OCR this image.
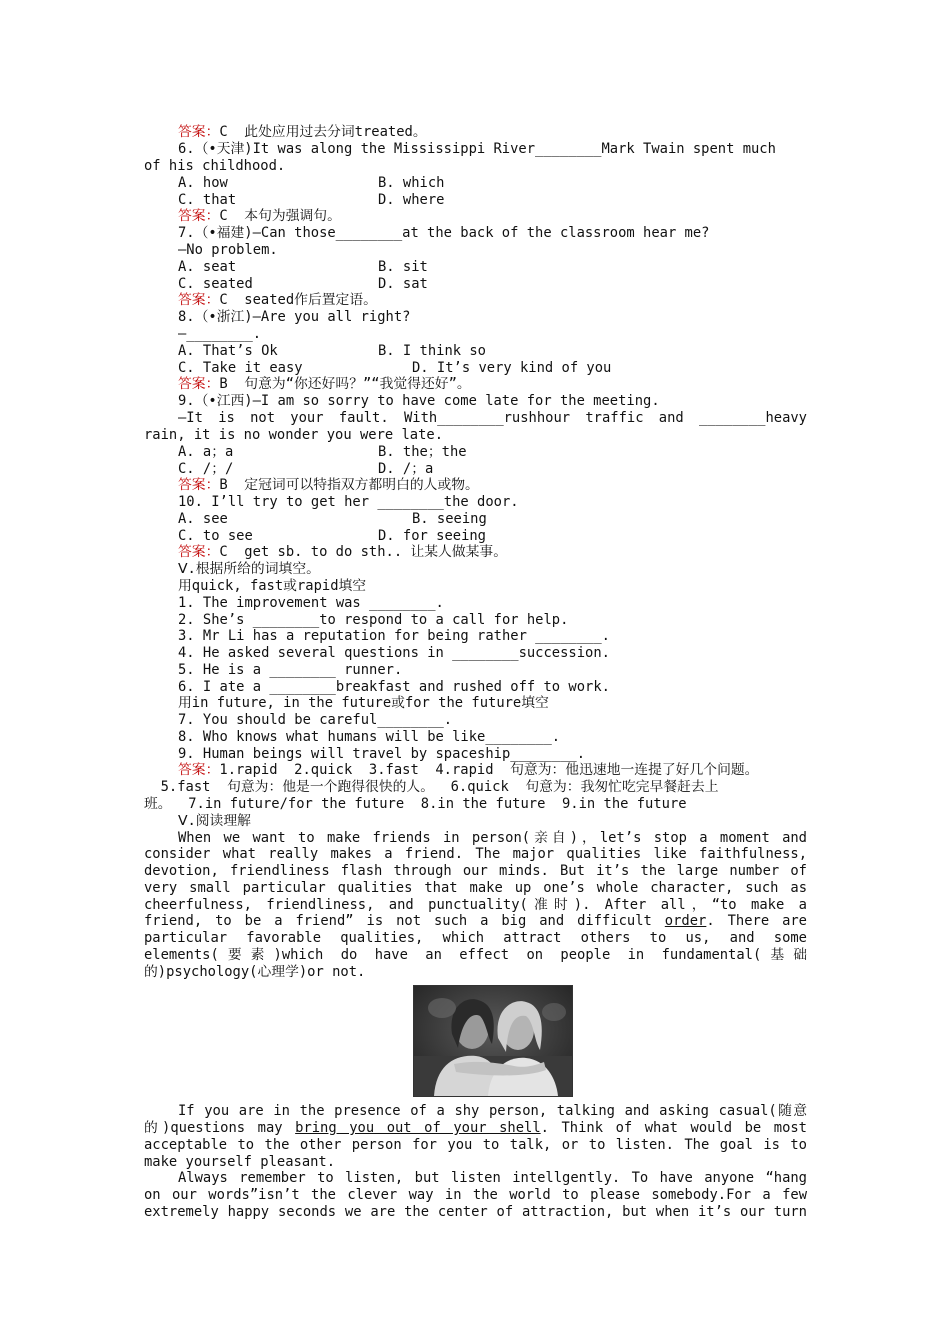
答案：C  此处应用过去分词treated。

6.（•天津)It was along the Mississippi River________Mark Twain spent much

of his childhood.

A. how	B. which

C. that	D. where

答案：C  本句为强调句。

7.（•福建)—Can those________at the back of the classroom hear me?

—No problem.

A. seat	B. sit

C. seated	D. sat

答案：C  seated作后置定语。

8.（•浙江)—Are you all right?

—________.

A. That’s Ok	B. I think so

C. Take it easy	D. It’s very kind of you

答案：B  句意为“你还好吗？”“我觉得还好”。

9.（•江西)—I am so sorry to have come late for the meeting.

—It is not your fault. With________rushhour traffic and ________heavy

rain, it is no wonder you were late.

A. a；a	B. the；the

C. /；/	D. /；a

答案：B  定冠词可以特指双方都明白的人或物。

10. I’ll try to get her ________the door.

A. see	B. seeing

C. to see	D. for seeing

答案：C  get sb. to do sth.. 让某人做某事。

Ⅴ.根据所给的词填空。

用quick, fast或rapid填空

1. The improvement was ________.

2. She’s ________to respond to a call for help.

3. Mr Li has a reputation for being rather ________.

4. He asked several questions in ________succession.

5. He is a ________ runner.

6. I ate a ________breakfast and rushed off to work.

用in future, in the future或for the future填空

7. You should be careful________.

8. Who knows what humans will be like________.

9. Human beings will travel by spaceship________.

答案：1.rapid  2.quick  3.fast  4.rapid  句意为：他迅速地一连提了好几个问题。

5.fast  句意为：他是一个跑得很快的人。  6.quick  句意为：我匆忙吃完早餐赶去上

班。  7.in future/for the future  8.in the future  9.in the future

Ⅴ.阅读理解

When we want to make friends in person(亲自)，let’s stop a moment and

consider what really makes a friend. The major qualities like faithfulness,

devotion, friendliness flash through our minds. But it’s the large number of

very small particular qualities that make up one’s whole character, such as

cheerfulness, friendliness, and punctuality(准时). After all，“to make a

friend, to be a friend” is not such a big and difficult order. There are

particular favorable qualities, which attract others to us, and some

elements(要素)which do have an effect on people in fundamental(基础

的)psychology(心理学)or not.

If you are in the presence of a shy person, talking and asking casual(随意

的)questions may bring you out of your shell. Think of what would be most

acceptable to the other person for you to talk, or to listen. The goal is to

make yourself pleasant.

Always remember to listen, but listen intellgently. To have anyone “hang

on our words”isn’t the clever way in the world to please somebody.For a few

extremely happy seconds we are the center of attraction, but when it’s our turn
